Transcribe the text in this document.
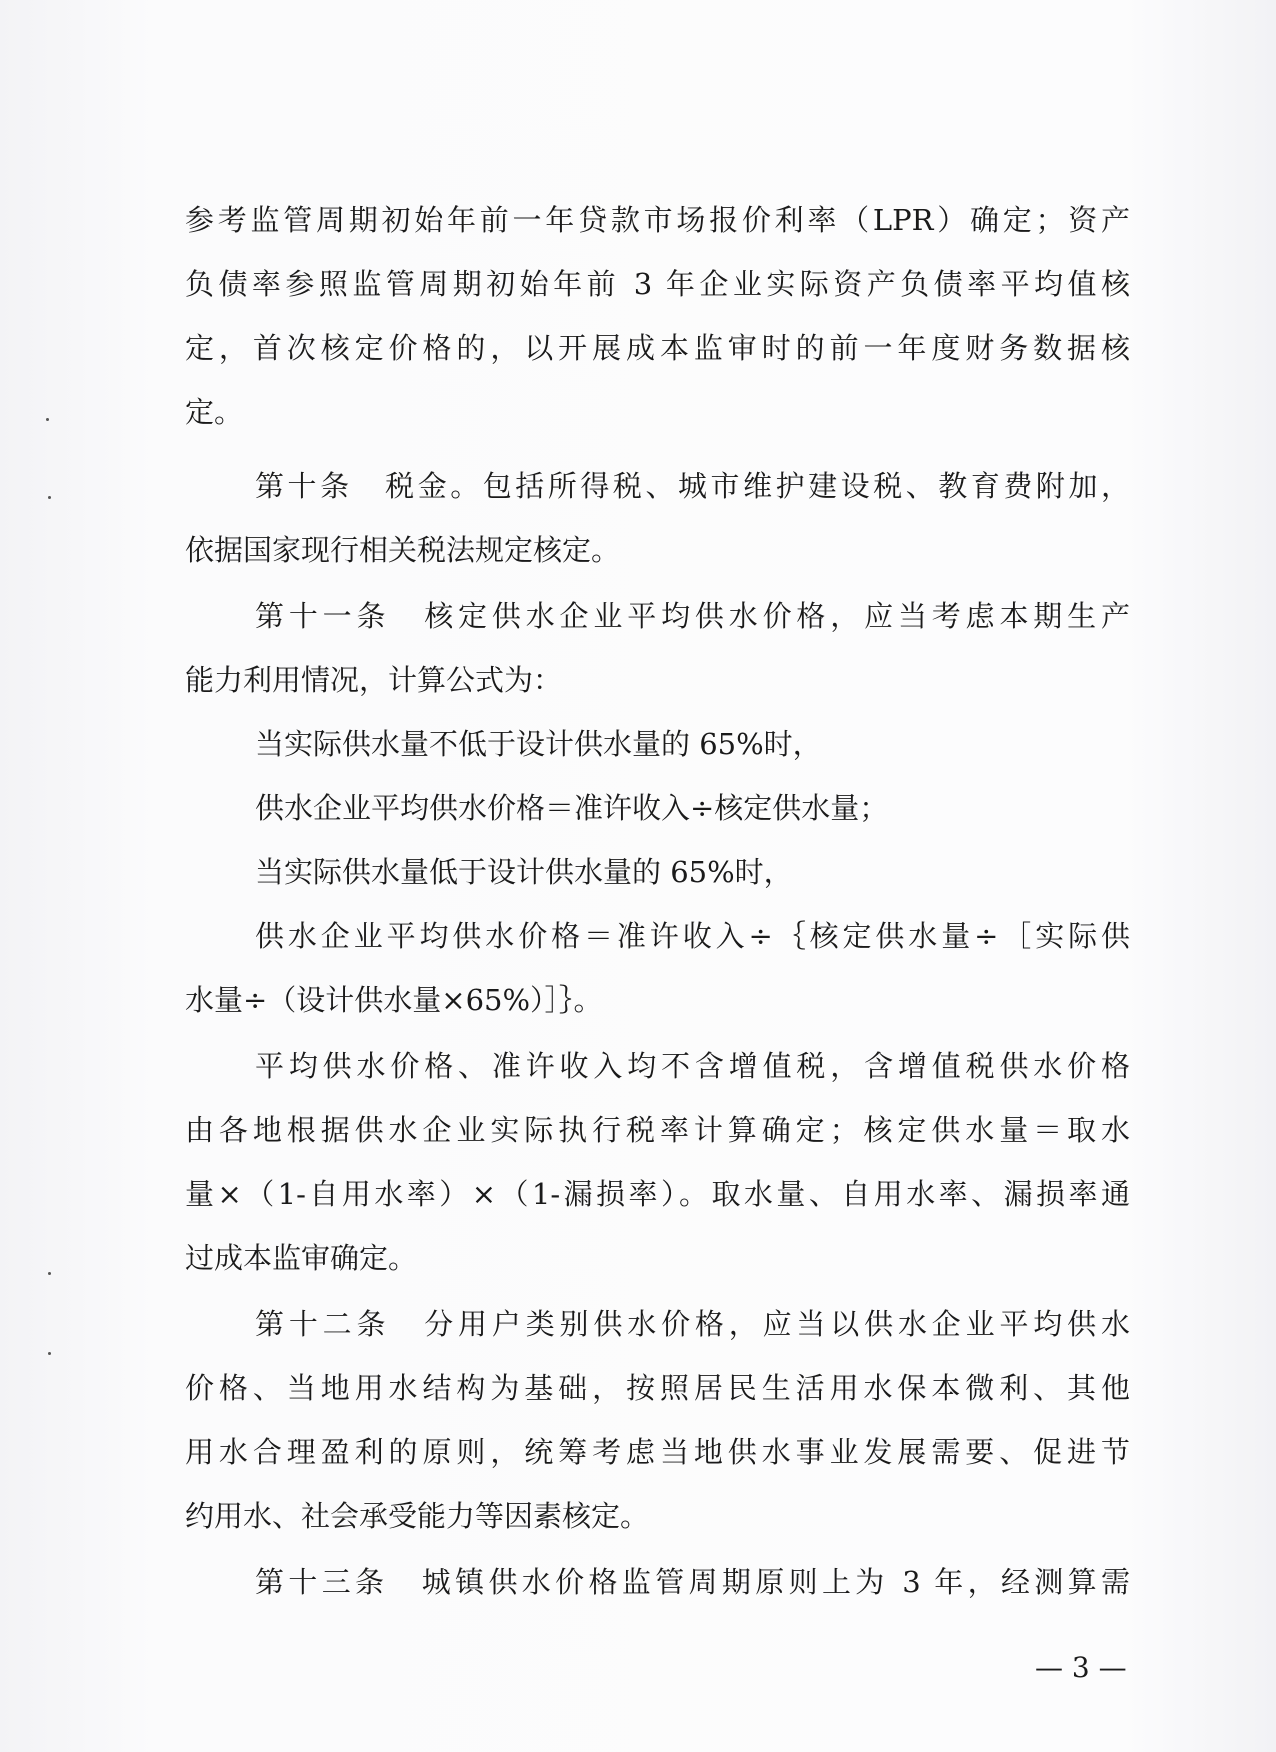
参考监管周期初始年前一年贷款市场报价利率（LPR）确定；资产
负债率参照监管周期初始年前 3 年企业实际资产负债率平均值核
定，首次核定价格的，以开展成本监审时的前一年度财务数据核
定。
第十条　税金。包括所得税、城市维护建设税、教育费附加，
依据国家现行相关税法规定核定。
第十一条　核定供水企业平均供水价格，应当考虑本期生产
能力利用情况，计算公式为：
当实际供水量不低于设计供水量的 65%时，
供水企业平均供水价格＝准许收入÷核定供水量；
当实际供水量低于设计供水量的 65%时，
供水企业平均供水价格＝准许收入÷｛核定供水量÷［实际供
水量÷（设计供水量×65%）］｝。
平均供水价格、准许收入均不含增值税，含增值税供水价格
由各地根据供水企业实际执行税率计算确定；核定供水量＝取水
量×（1-自用水率）×（1-漏损率）。取水量、自用水率、漏损率通
过成本监审确定。
第十二条　分用户类别供水价格，应当以供水企业平均供水
价格、当地用水结构为基础，按照居民生活用水保本微利、其他
用水合理盈利的原则，统筹考虑当地供水事业发展需要、促进节
约用水、社会承受能力等因素核定。
第十三条　城镇供水价格监管周期原则上为 3 年，经测算需
— 3 —
